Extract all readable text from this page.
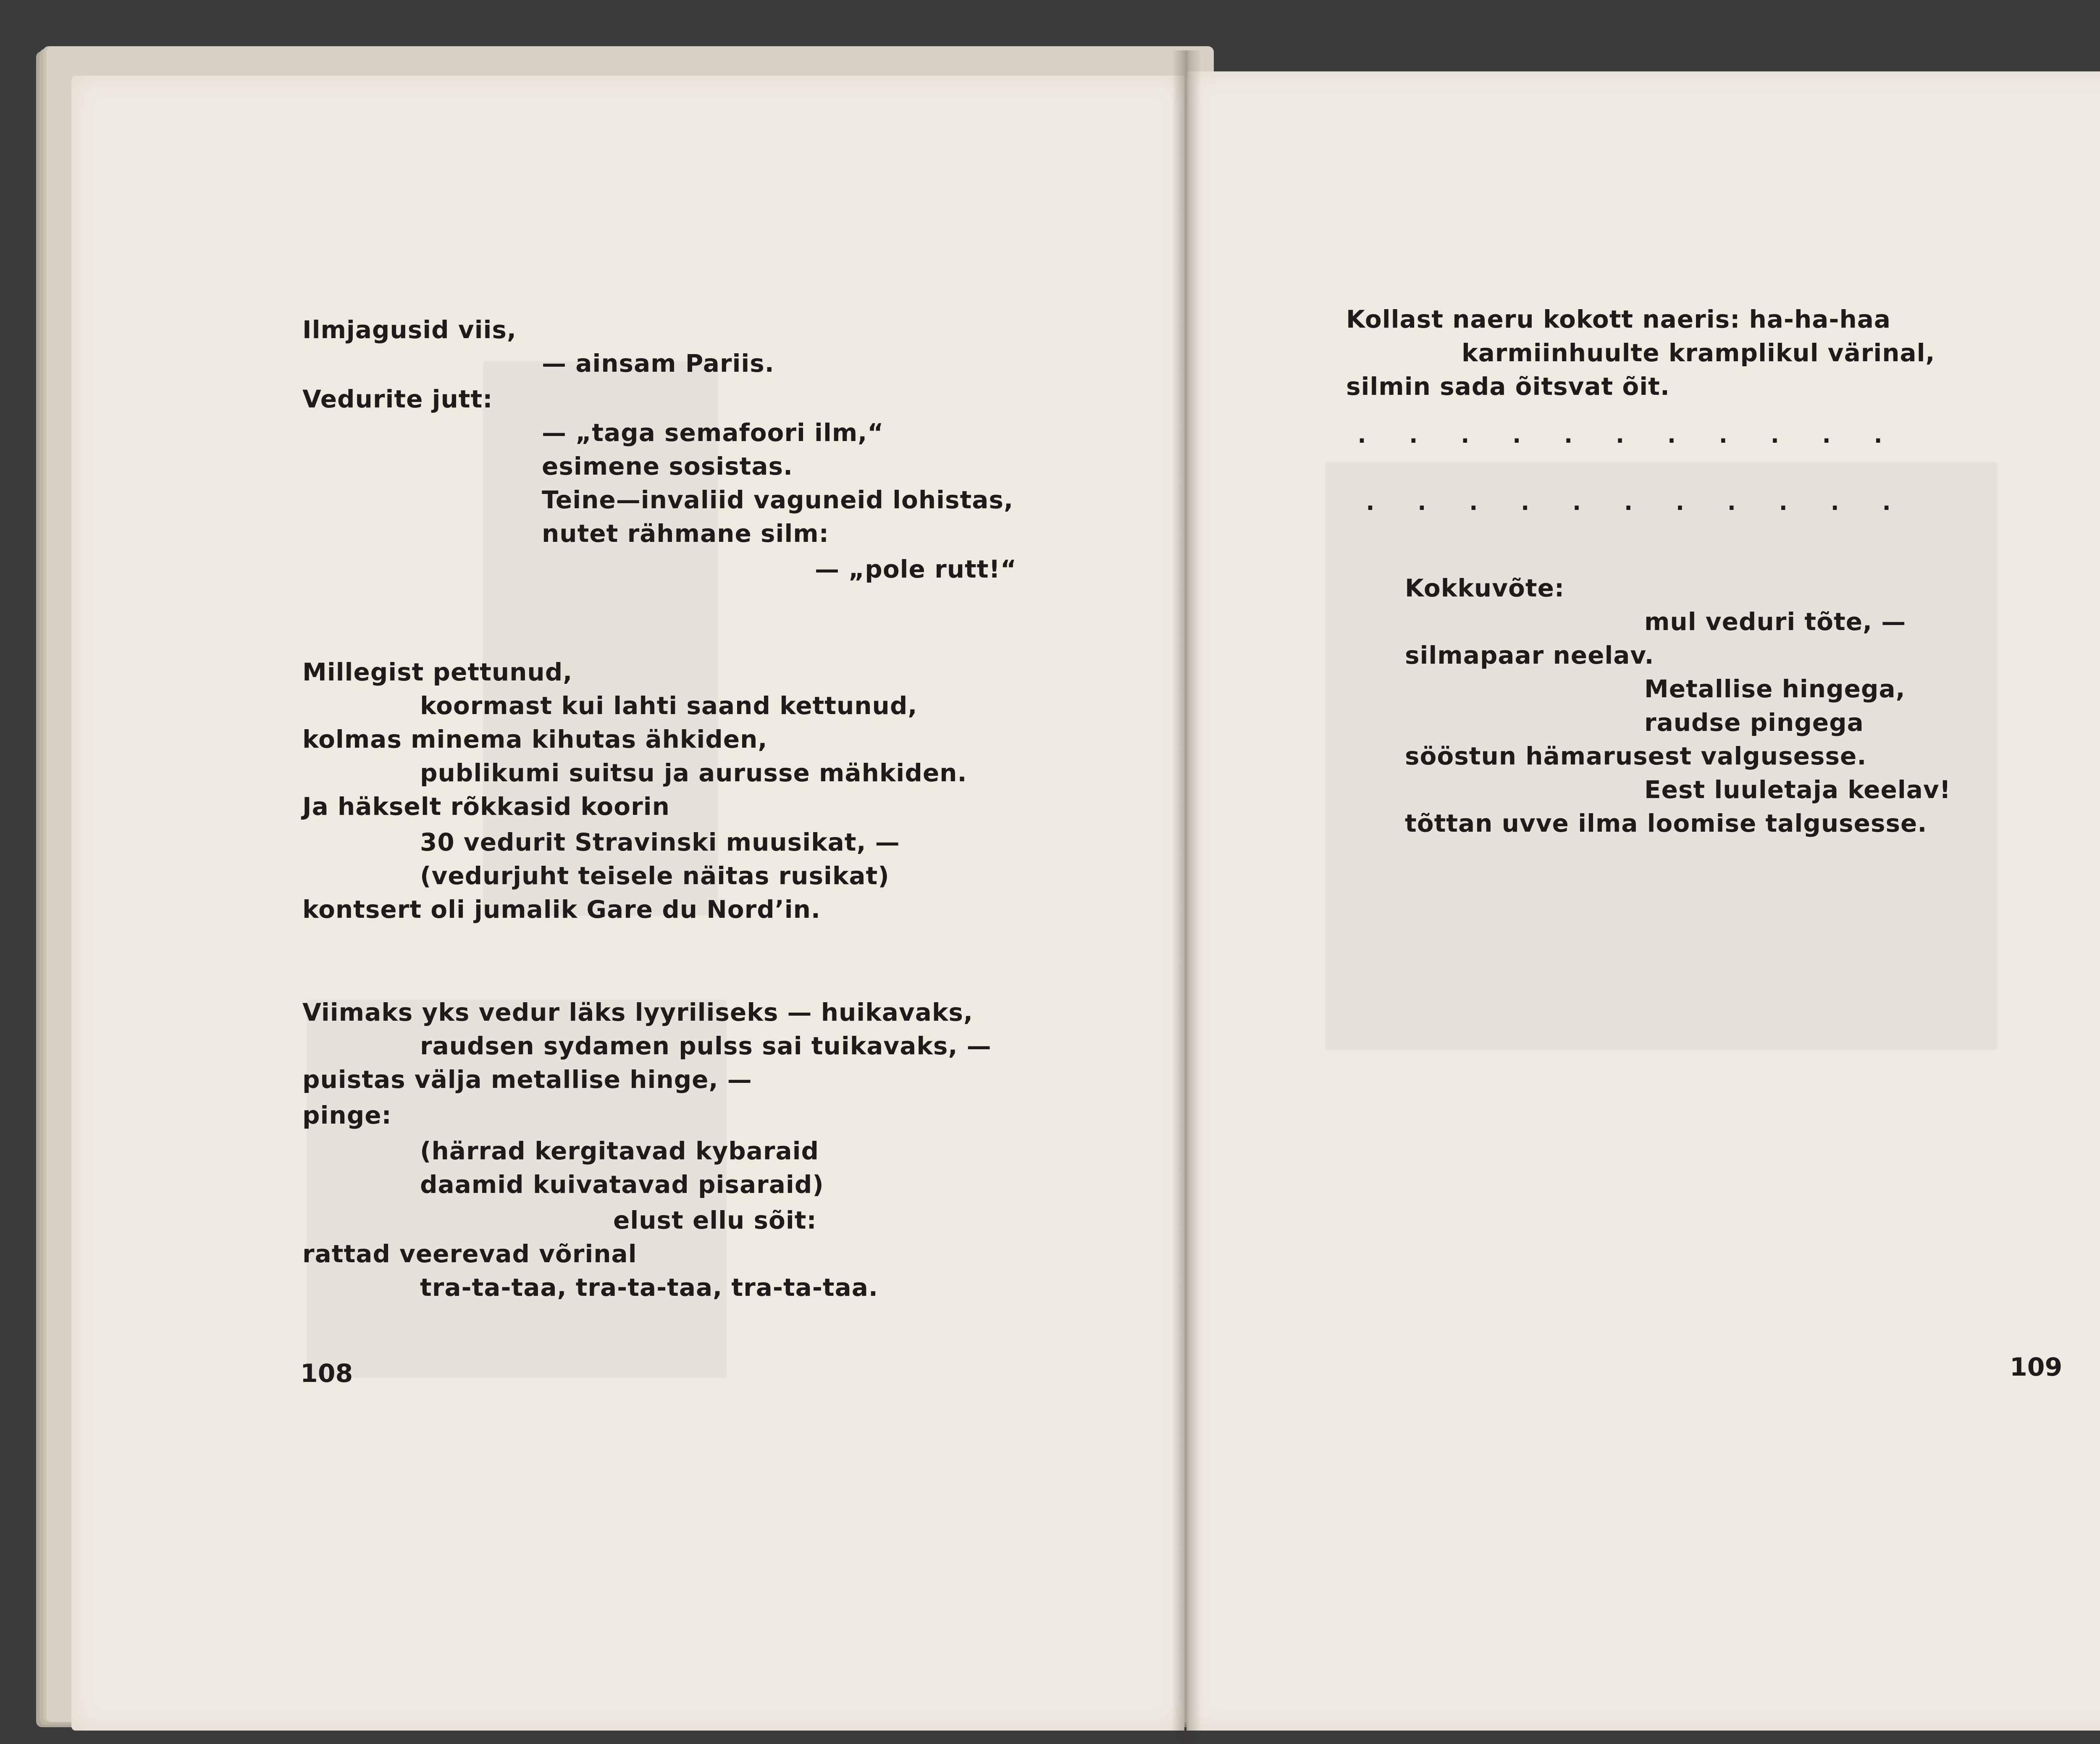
Ilmjagusid viis,
— ainsam Pariis.
Vedurite jutt:
— „taga semafoori ilm,“
esimene sosistas.
Teine—invaliid vaguneid lohistas,
nutet rähmane silm:
— „pole rutt!“
Millegist pettunud,
koormast kui lahti saand kettunud,
kolmas minema kihutas ähkiden,
publikumi suitsu ja aurusse mähkiden.
Ja häkselt rõkkasid koorin
30 vedurit Stravinski muusikat, —
(vedurjuht teisele näitas rusikat)
kontsert oli jumalik Gare du Nord’in.
Viimaks yks vedur läks lyyriliseks — huikavaks,
raudsen sydamen pulss sai tuikavaks, —
puistas välja metallise hinge, —
pinge:
(härrad kergitavad kybaraid
daamid kuivatavad pisaraid)
elust ellu sõit:
rattad veerevad võrinal
tra-ta-taa, tra-ta-taa, tra-ta-taa.
108
Kollast naeru kokott naeris: ha-ha-haa
karmiinhuulte kramplikul värinal,
silmin sada õitsvat õit.
...........
...........
Kokkuvõte:
mul veduri tõte, —
silmapaar neelav.
Metallise hingega,
raudse pingega
sööstun hämarusest valgusesse.
Eest luuletaja keelav!
tõttan uvve ilma loomise talgusesse.
109
